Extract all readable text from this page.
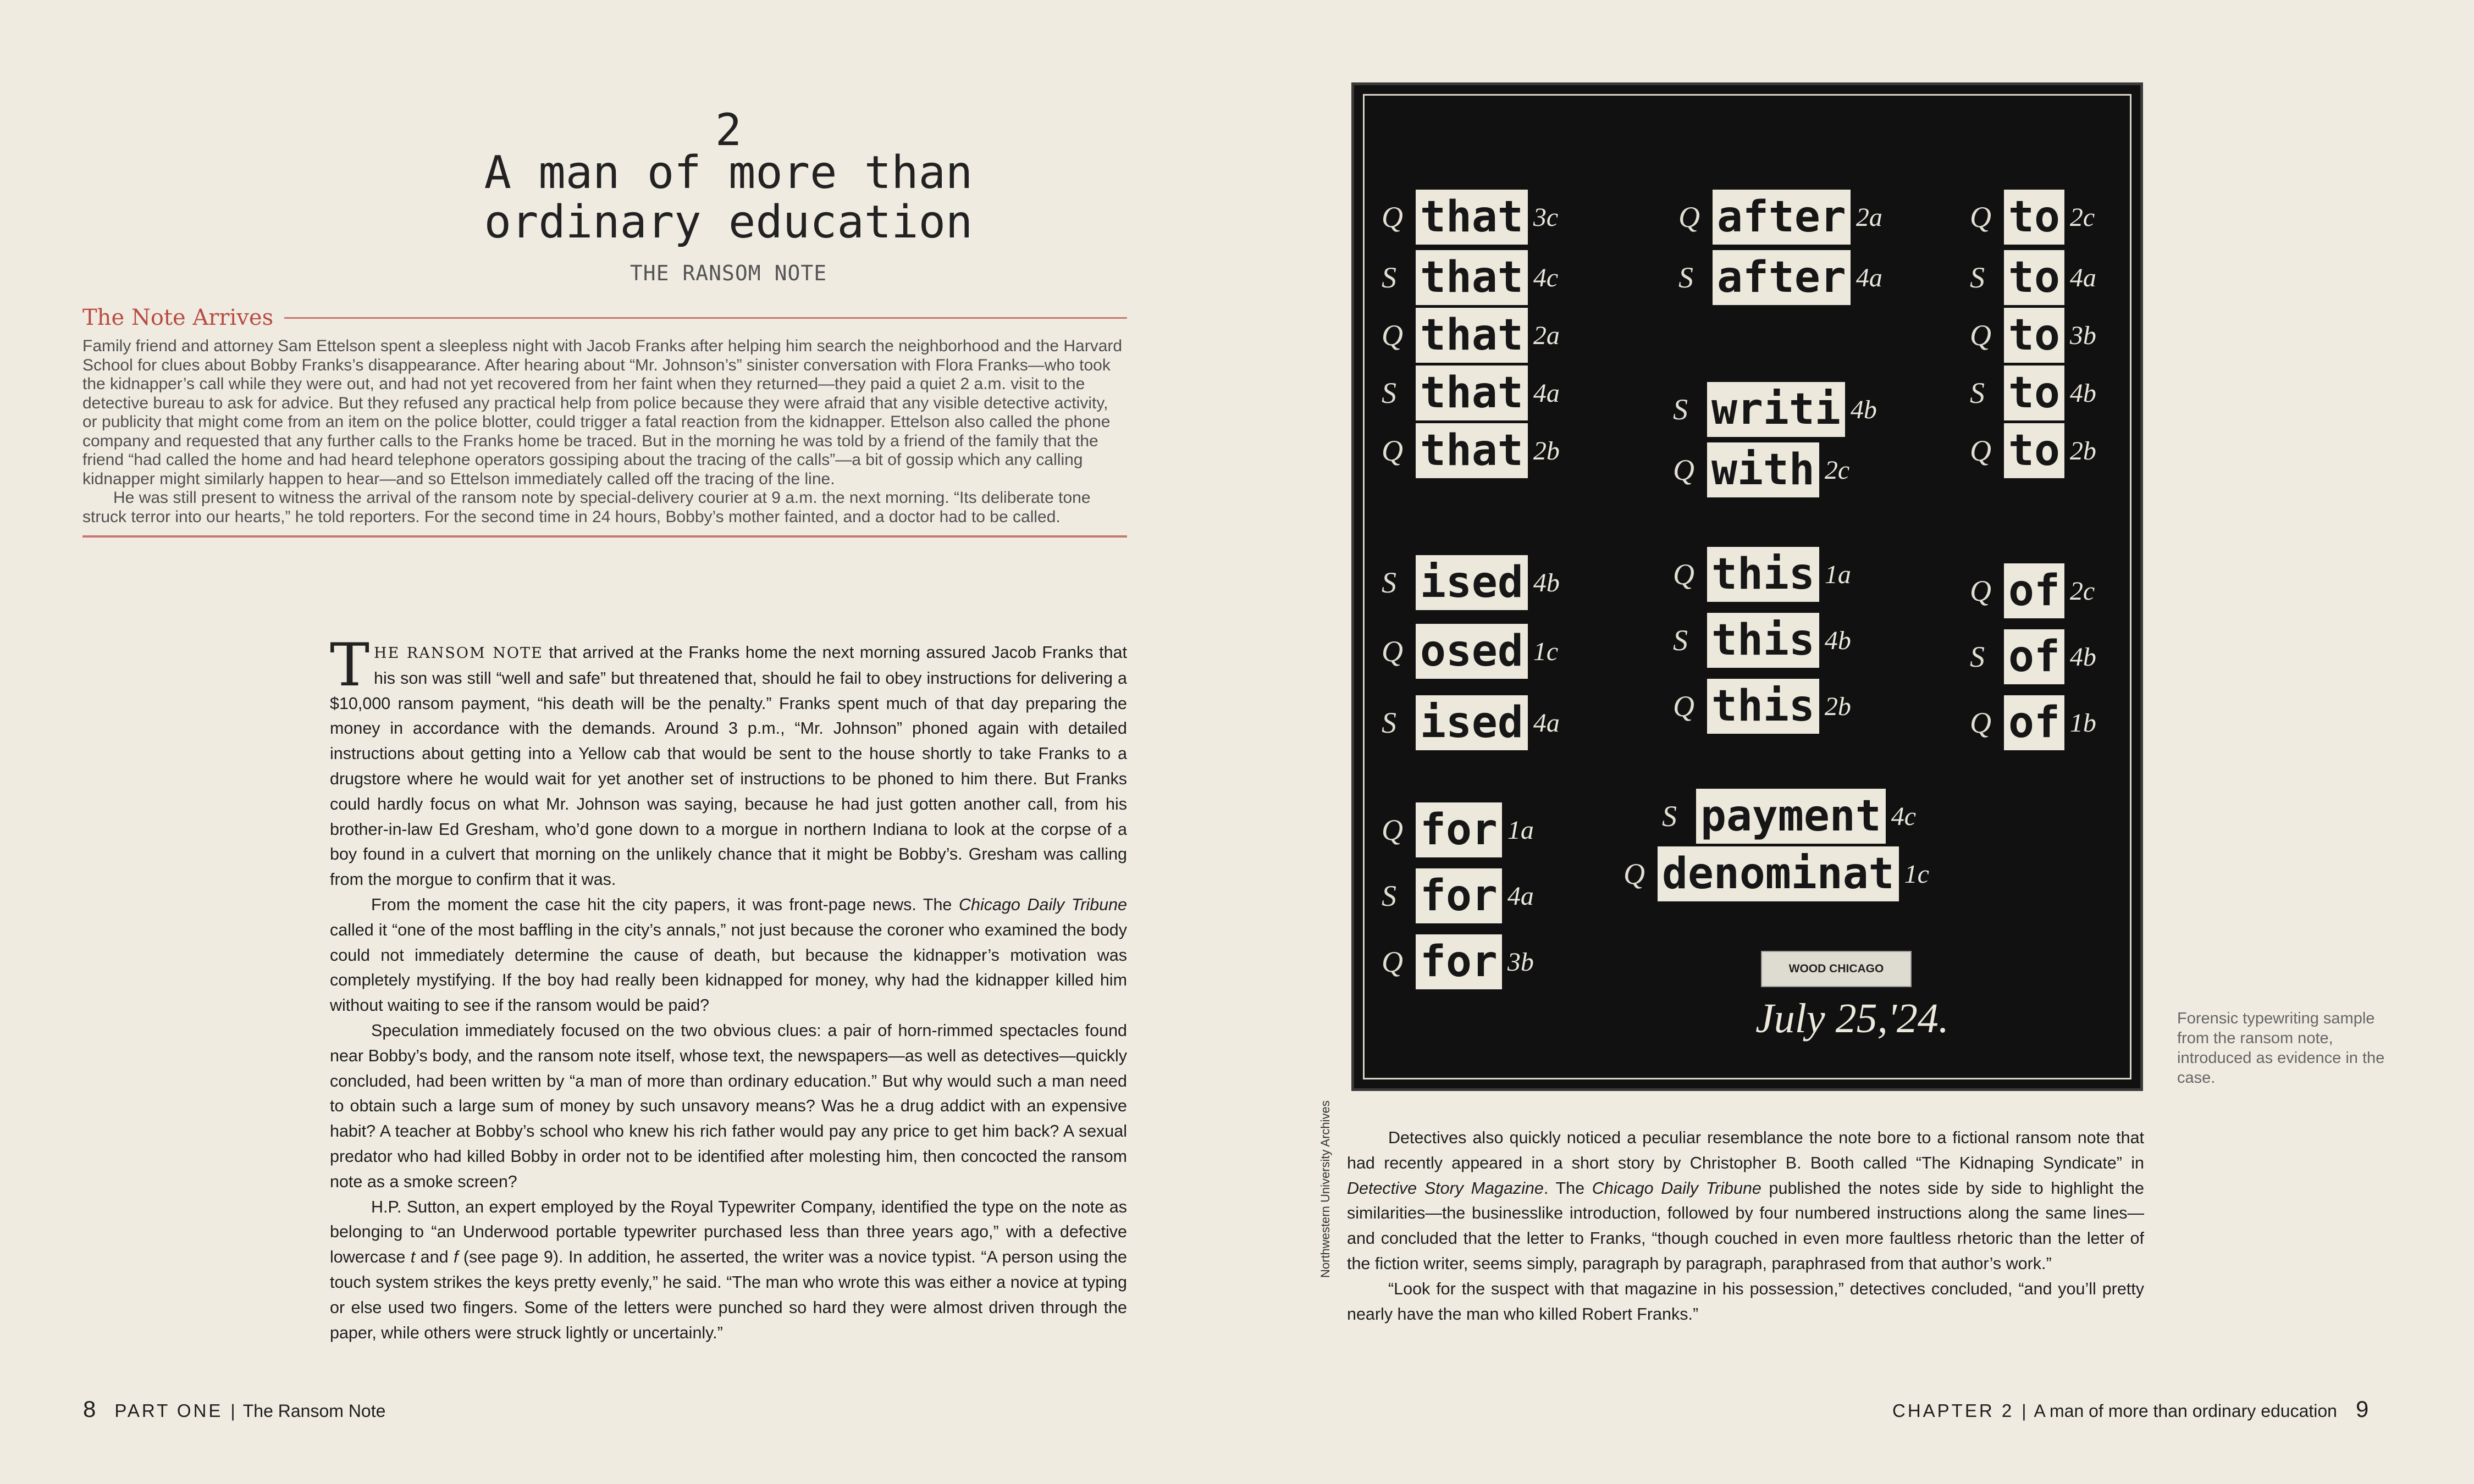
2
A man of more than
ordinary education
THE RANSOM NOTE
The Note Arrives

Family friend and attorney Sam Ettelson spent a sleepless night with Jacob Franks after helping him search the neighborhood and the Harvard School for clues about Bobby Franks’s disappearance. After hearing about “Mr. Johnson’s” sinister conversation with Flora Franks—who took the kidnapper’s call while they were out, and had not yet recovered from her faint when they returned—they paid a quiet 2 a.m. visit to the detective bureau to ask for advice. But they refused any practical help from police because they were afraid that any visible detective activity, or publicity that might come from an item on the police blotter, could trigger a fatal reaction from the kidnapper. Ettelson also called the phone company and requested that any further calls to the Franks home be traced. But in the morning he was told by a friend of the family that the friend “had called the home and had heard telephone operators gossiping about the tracing of the calls”—a bit of gossip which any calling kidnapper might similarly happen to hear—and so Ettelson immediately called off the tracing of the line.

He was still present to witness the arrival of the ransom note by special-delivery courier at 9 a.m. the next morning. “Its deliberate tone struck terror into our hearts,” he told reporters. For the second time in 24 hours, Bobby’s mother fainted, and a doctor had to be called.

THE RANSOM NOTE that arrived at the Franks home the next morning assured Jacob Franks that his son was still “well and safe” but threatened that, should he fail to obey instructions for delivering a $10,000 ransom payment, “his death will be the penalty.” Franks spent much of that day preparing the money in accordance with the demands. Around 3 p.m., “Mr. Johnson” phoned again with detailed instructions about getting into a Yellow cab that would be sent to the house shortly to take Franks to a drugstore where he would wait for yet another set of instructions to be phoned to him there. But Franks could hardly focus on what Mr. Johnson was saying, because he had just gotten another call, from his brother-in-law Ed Gresham, who’d gone down to a morgue in northern Indiana to look at the corpse of a boy found in a culvert that morning on the unlikely chance that it might be Bobby’s. Gresham was calling from the morgue to confirm that it was.

From the moment the case hit the city papers, it was front-page news. The Chicago Daily Tribune called it “one of the most baffling in the city’s annals,” not just because the coroner who examined the body could not immediately determine the cause of death, but because the kidnapper’s motivation was completely mystifying. If the boy had really been kidnapped for money, why had the kidnapper killed him without waiting to see if the ransom would be paid?

Speculation immediately focused on the two obvious clues: a pair of horn-rimmed spectacles found near Bobby’s body, and the ransom note itself, whose text, the newspapers—as well as detectives—quickly concluded, had been written by “a man of more than ordinary education.” But why would such a man need to obtain such a large sum of money by such unsavory means? Was he a drug addict with an expensive habit? A teacher at Bobby’s school who knew his rich father would pay any price to get him back? A sexual predator who had killed Bobby in order not to be identified after molesting him, then concocted the ransom note as a smoke screen?

H.P. Sutton, an expert employed by the Royal Typewriter Company, identified the type on the note as belonging to “an Underwood portable typewriter purchased less than three years ago,” with a defective lowercase t and f (see page 9). In addition, he asserted, the writer was a novice typist. “A person using the touch system strikes the keys pretty evenly,” he said. “The man who wrote this was either a novice at typing or else used two fingers. Some of the letters were punched so hard they were almost driven through the paper, while others were struck lightly or uncertainly.”

8 PART ONE | The Ransom Note
Q that 3c
S that 4c
Q that 2a
S that 4a
Q that 2b
Q after 2a
S after 4a
Q to 2c
S to 4a
Q to 3b
S to 4b
Q to 2b
S writi 4b
Q with 2c
S ised 4b
Q osed 1c
S ised 4a
Q this 1a
S this 4b
Q this 2b
Q of 2c
S of 4b
Q of 1b
Q for 1a
S for 4a
Q for 3b
S payment 4c
Q denominat 1c
WOOD CHICAGO
July 25,'24.
Northwestern University Archives
Forensic typewriting sample from the ransom note, introduced as evidence in the case.

Detectives also quickly noticed a peculiar resemblance the note bore to a fictional ransom note that had recently appeared in a short story by Christopher B. Booth called “The Kidnaping Syndicate” in Detective Story Magazine. The Chicago Daily Tribune published the notes side by side to highlight the similarities—the businesslike introduction, followed by four numbered instructions along the same lines—and concluded that the letter to Franks, “though couched in even more faultless rhetoric than the letter of the fiction writer, seems simply, paragraph by paragraph, paraphrased from that author’s work.”

“Look for the suspect with that magazine in his possession,” detectives concluded, “and you’ll pretty nearly have the man who killed Robert Franks.”

CHAPTER 2 | A man of more than ordinary education 9
